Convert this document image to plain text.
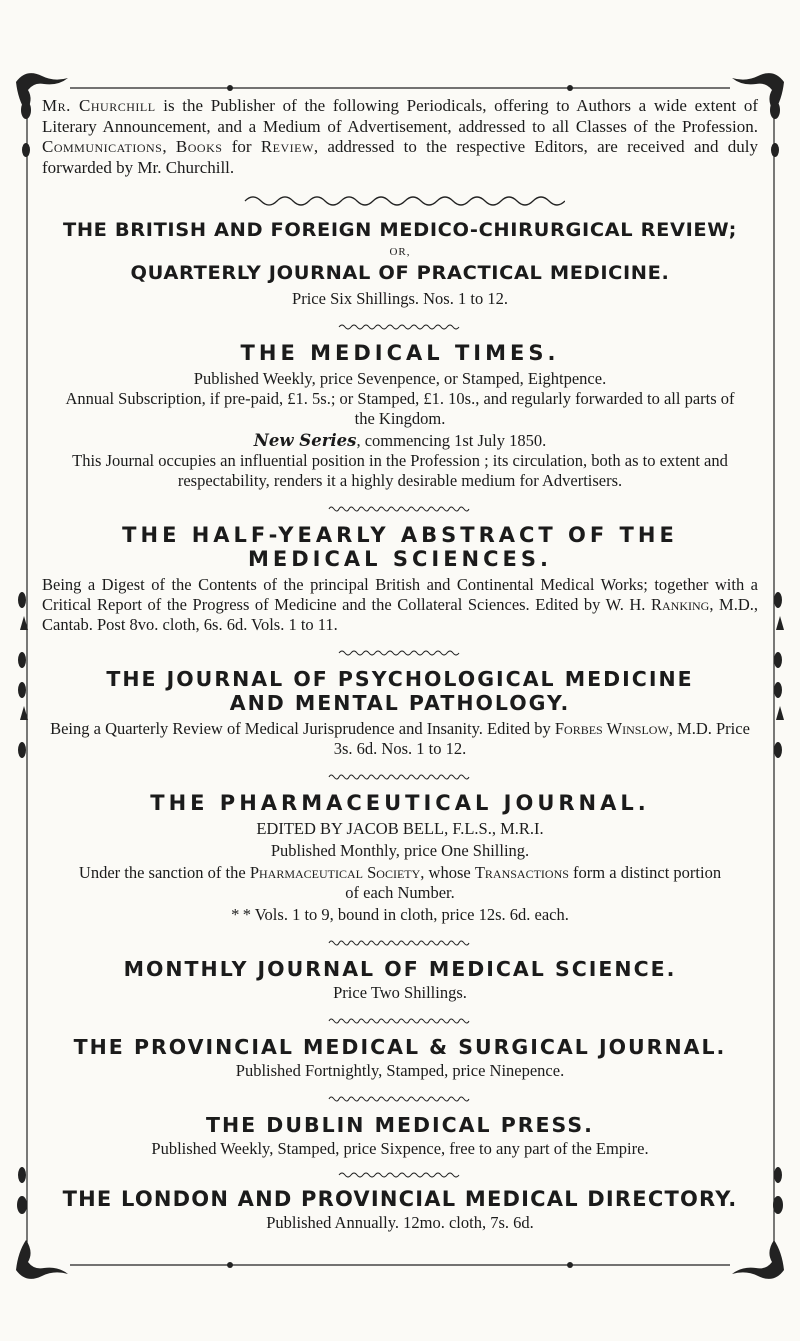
Mr. Churchill is the Publisher of the following Periodicals, offering to Authors a wide extent of Literary Announcement, and a Medium of Advertisement, addressed to all Classes of the Profession. Communications, Books for Review, addressed to the respective Editors, are received and duly forwarded by Mr. Churchill.

THE BRITISH AND FOREIGN MEDICO-CHIRURGICAL REVIEW;

OR,

QUARTERLY JOURNAL OF PRACTICAL MEDICINE.

Price Six Shillings. Nos. 1 to 12.

THE MEDICAL TIMES.

Published Weekly, price Sevenpence, or Stamped, Eightpence.

Annual Subscription, if pre-paid, £1. 5s.; or Stamped, £1. 10s., and regularly forwarded to all parts of the Kingdom.

New Series, commencing 1st July 1850.

This Journal occupies an influential position in the Profession ; its circulation, both as to extent and respectability, renders it a highly desirable medium for Advertisers.

THE HALF-YEARLY ABSTRACT OF THE

MEDICAL SCIENCES.

Being a Digest of the Contents of the principal British and Continental Medical Works; together with a Critical Report of the Progress of Medicine and the Collateral Sciences. Edited by W. H. Ranking, M.D., Cantab. Post 8vo. cloth, 6s. 6d. Vols. 1 to 11.

THE JOURNAL OF PSYCHOLOGICAL MEDICINE

AND MENTAL PATHOLOGY.

Being a Quarterly Review of Medical Jurisprudence and Insanity. Edited by Forbes Winslow, M.D. Price 3s. 6d. Nos. 1 to 12.

THE PHARMACEUTICAL JOURNAL.

EDITED BY JACOB BELL, F.L.S., M.R.I.

Published Monthly, price One Shilling.

Under the sanction of the Pharmaceutical Society, whose Transactions form a distinct portion of each Number.

* * Vols. 1 to 9, bound in cloth, price 12s. 6d. each.

MONTHLY JOURNAL OF MEDICAL SCIENCE.

Price Two Shillings.

THE PROVINCIAL MEDICAL & SURGICAL JOURNAL.

Published Fortnightly, Stamped, price Ninepence.

THE DUBLIN MEDICAL PRESS.

Published Weekly, Stamped, price Sixpence, free to any part of the Empire.

THE LONDON AND PROVINCIAL MEDICAL DIRECTORY.

Published Annually. 12mo. cloth, 7s. 6d.
